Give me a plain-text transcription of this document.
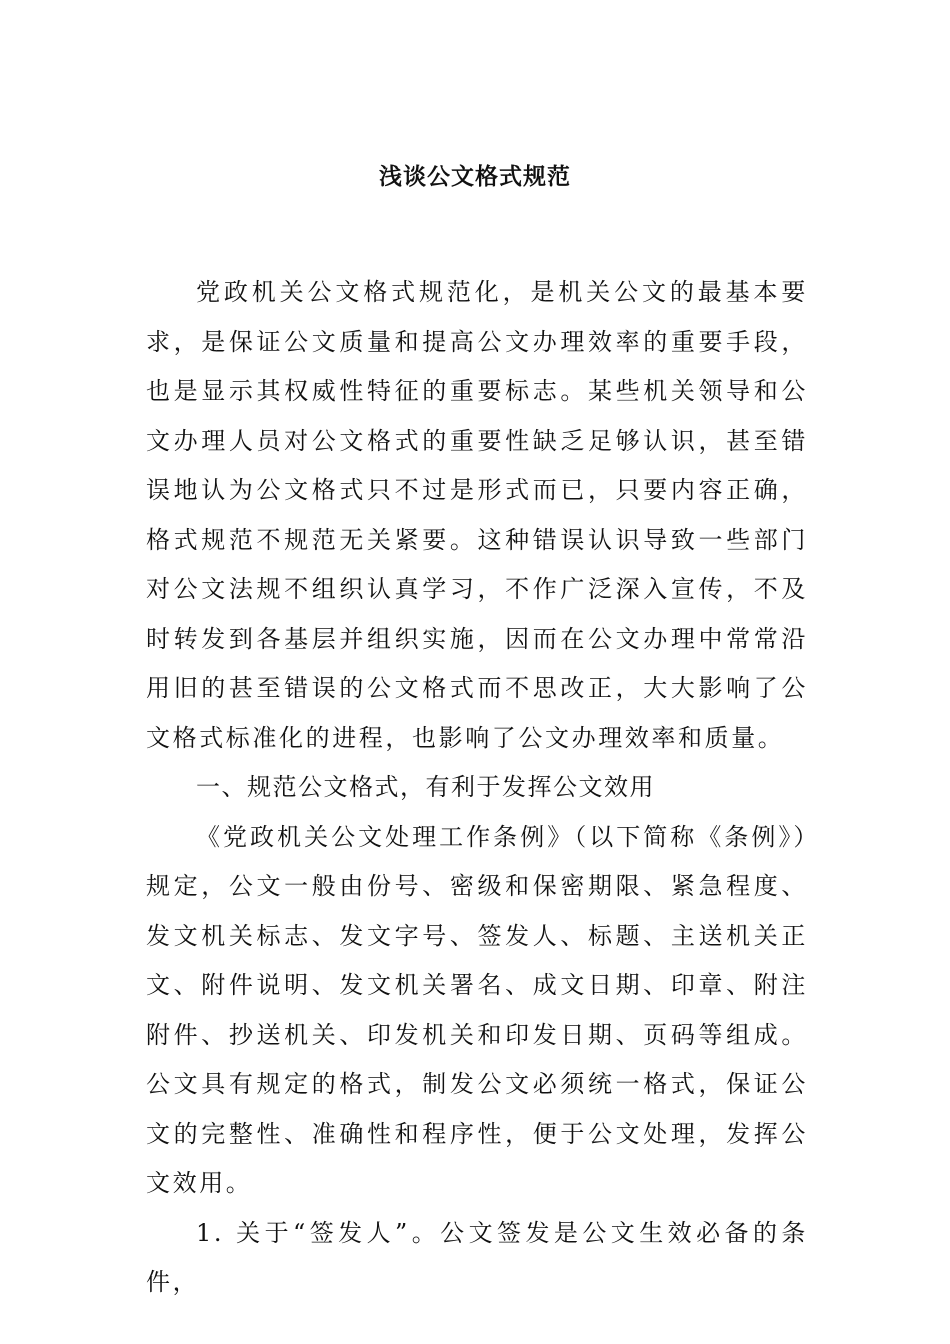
浅谈公文格式规范

党政机关公文格式规范化，是机关公文的最基本要求，是保证公文质量和提高公文办理效率的重要手段，也是显示其权威性特征的重要标志。某些机关领导和公文办理人员对公文格式的重要性缺乏足够认识，甚至错误地认为公文格式只不过是形式而已，只要内容正确，格式规范不规范无关紧要。这种错误认识导致一些部门对公文法规不组织认真学习，不作广泛深入宣传，不及时转发到各基层并组织实施，因而在公文办理中常常沿用旧的甚至错误的公文格式而不思改正，大大影响了公文格式标准化的进程，也影响了公文办理效率和质量。

一、规范公文格式，有利于发挥公文效用

《党政机关公文处理工作条例》（以下简称《条例》）规定，公文一般由份号、密级和保密期限、紧急程度、发文机关标志、发文字号、签发人、标题、主送机关正文、附件说明、发文机关署名、成文日期、印章、附注附件、抄送机关、印发机关和印发日期、页码等组成。公文具有规定的格式，制发公文必须统一格式，保证公文的完整性、准确性和程序性，便于公文处理，发挥公文效用。

1. 关于“签发人”。公文签发是公文生效必备的条件，
